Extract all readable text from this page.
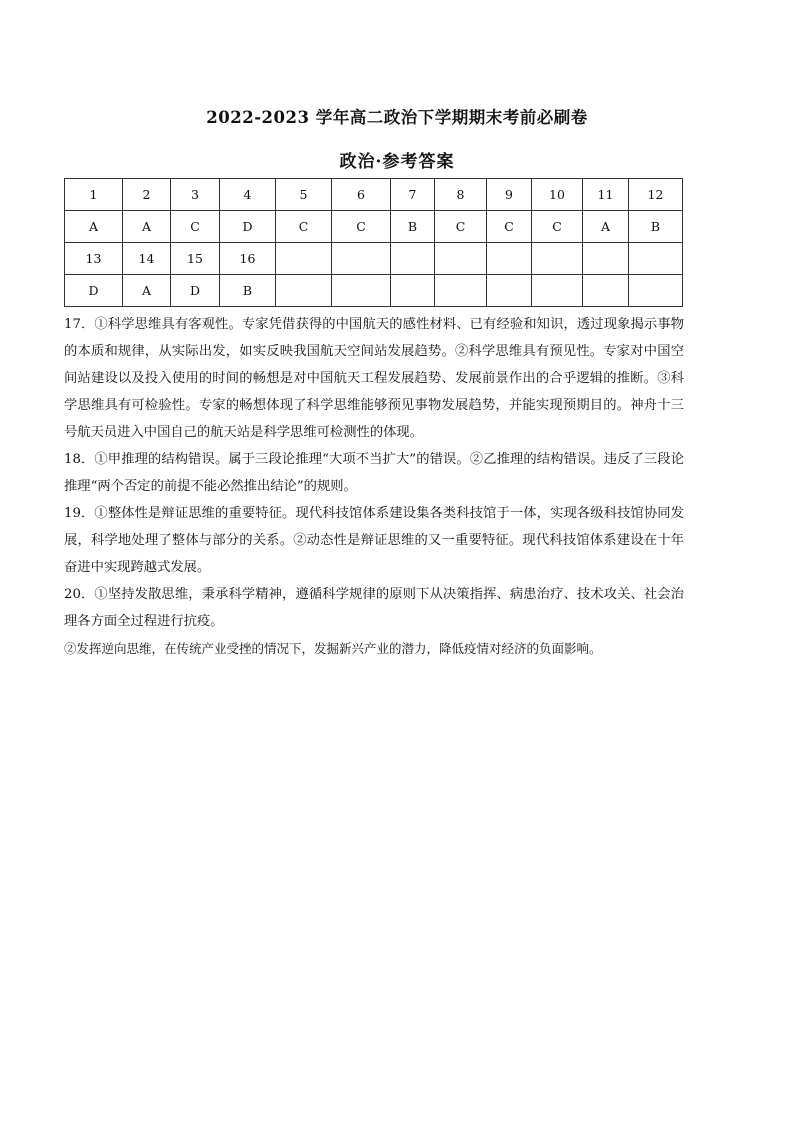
2022-2023 学年高二政治下学期期末考前必刷卷
政治·参考答案
1	2	3	4	5	6	7	8	9	10	11	12
A	A	C	D	C	C	B	C	C	C	A	B
13	14	15	16								
D	A	D	B								

17．①科学思维具有客观性。专家凭借获得的中国航天的感性材料、已有经验和知识，透过现象揭示事物的本质和规律，从实际出发，如实反映我国航天空间站发展趋势。②科学思维具有预见性。专家对中国空间站建设以及投入使用的时间的畅想是对中国航天工程发展趋势、发展前景作出的合乎逻辑的推断。③科学思维具有可检验性。专家的畅想体现了科学思维能够预见事物发展趋势，并能实现预期目的。神舟十三号航天员进入中国自己的航天站是科学思维可检测性的体现。

18．①甲推理的结构错误。属于三段论推理“大项不当扩大”的错误。②乙推理的结构错误。违反了三段论推理“两个否定的前提不能必然推出结论”的规则。

19．①整体性是辩证思维的重要特征。现代科技馆体系建设集各类科技馆于一体，实现各级科技馆协同发展，科学地处理了整体与部分的关系。②动态性是辩证思维的又一重要特征。现代科技馆体系建设在十年奋进中实现跨越式发展。

20．①坚持发散思维，秉承科学精神，遵循科学规律的原则下从决策指挥、病患治疗、技术攻关、社会治理各方面全过程进行抗疫。

②发挥逆向思维，在传统产业受挫的情况下，发掘新兴产业的潜力，降低疫情对经济的负面影响。
